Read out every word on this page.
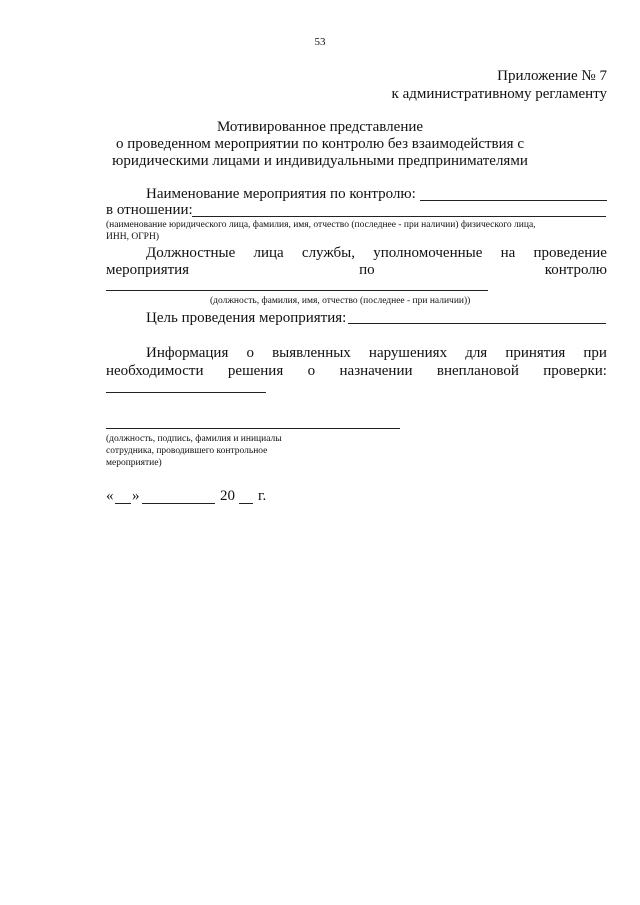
53
Приложение № 7
к административному регламенту
Мотивированное представление
о проведенном мероприятии по контролю без взаимодействия с
юридическими лицами и индивидуальными предпринимателями
Наименование мероприятия по контролю:
в отношении:
(наименование юридического лица, фамилия, имя, отчество (последнее - при наличии) физического лица,
ИНН, ОГРН)
Должностные лица службы, уполномоченные на проведение
мероприятия	по	контролю
(должность, фамилия, имя, отчество (последнее - при наличии))
Цель проведения мероприятия:
Информация о выявленных нарушениях для принятия при
необходимости решения о назначении внеплановой проверки:
(должность, подпись, фамилия и инициалы
сотрудника, проводившего контрольное
мероприятие)
« »	20 г.
